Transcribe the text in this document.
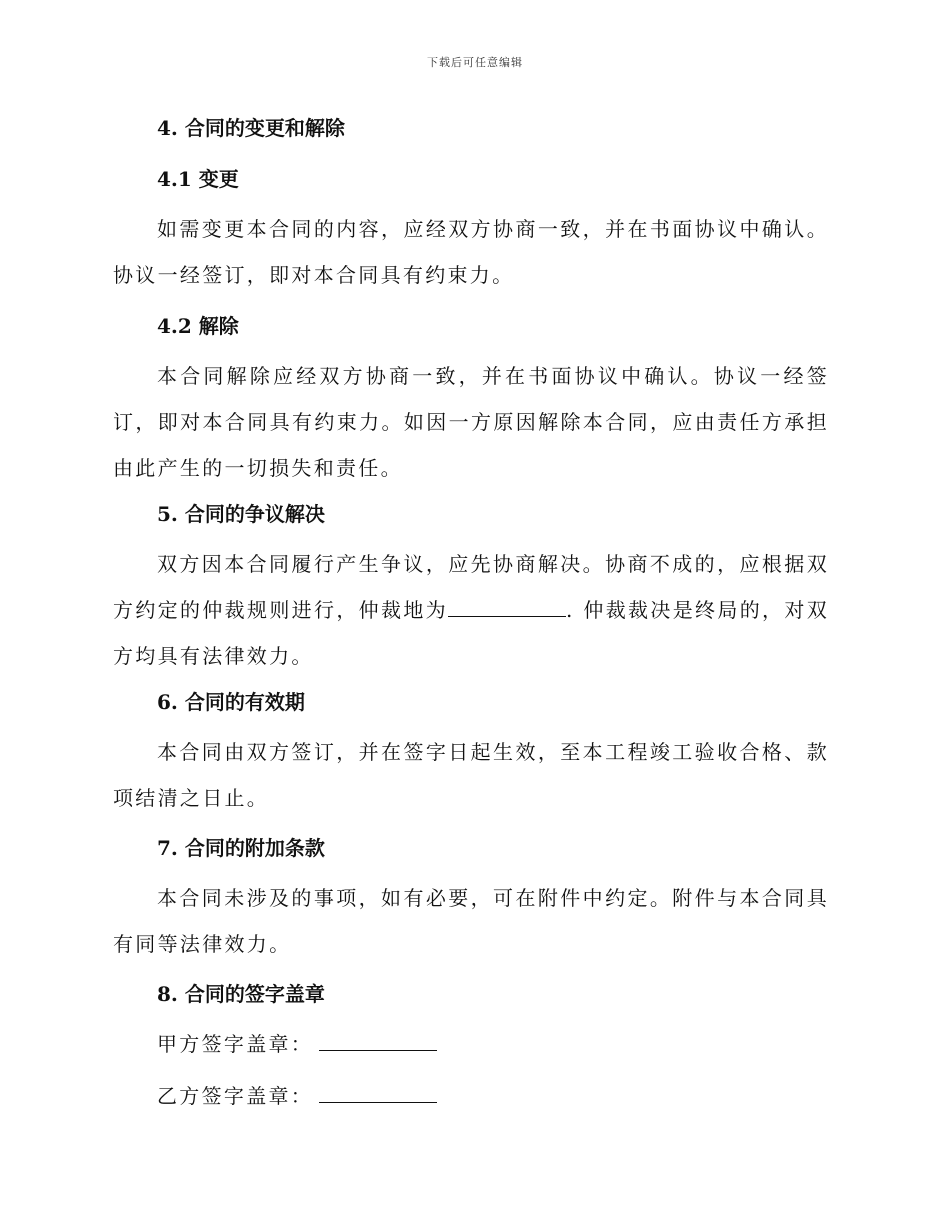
下载后可任意编辑
4. 合同的变更和解除
4.1 变更
如需变更本合同的内容，应经双方协商一致，并在书面协议中确认。协议一经签订，即对本合同具有约束力。
4.2 解除
本合同解除应经双方协商一致，并在书面协议中确认。协议一经签订，即对本合同具有约束力。如因一方原因解除本合同，应由责任方承担由此产生的一切损失和责任。
5. 合同的争议解决
双方因本合同履行产生争议，应先协商解决。协商不成的，应根据双方约定的仲裁规则进行，仲裁地为	. 仲裁裁决是终局的，对双方均具有法律效力。
6. 合同的有效期
本合同由双方签订，并在签字日起生效，至本工程竣工验收合格、款项结清之日止。
7. 合同的附加条款
本合同未涉及的事项，如有必要，可在附件中约定。附件与本合同具有同等法律效力。
8. 合同的签字盖章
甲方签字盖章：
乙方签字盖章：
